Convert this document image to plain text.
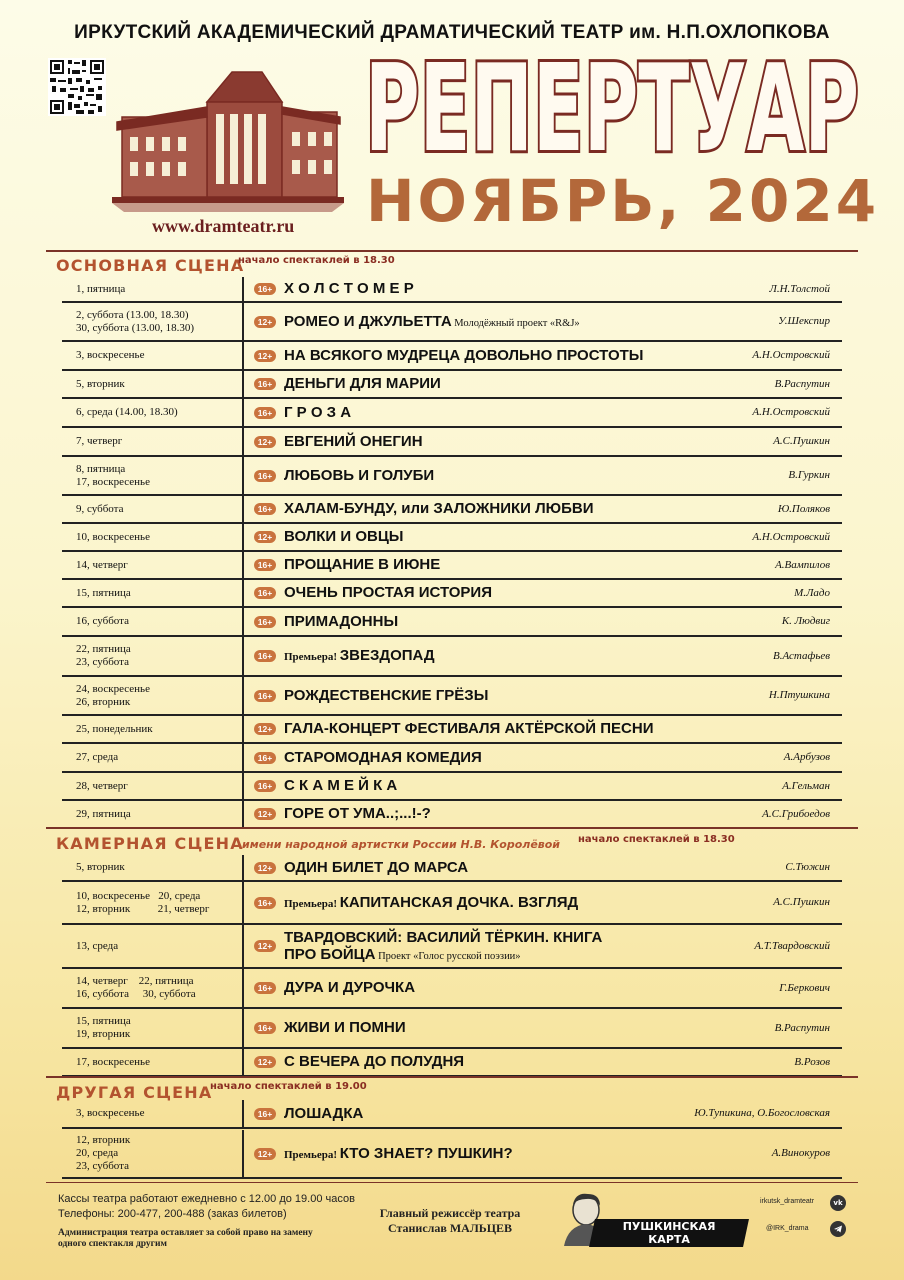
ИРКУТСКИЙ АКАДЕМИЧЕСКИЙ ДРАМАТИЧЕСКИЙ ТЕАТР им. Н.П.ОХЛОПКОВА
www.dramteatr.ru
РЕПЕРТУАР
НОЯБРЬ, 2024
ОСНОВНАЯ СЦЕНА
начало спектаклей в 18.30
1, пятница	16+ Х О Л С Т О М Е Р	Л.Н.Толстой
2, суббота (13.00, 18.30)
30, суббота (13.00, 18.30)	12+ РОМЕО И ДЖУЛЬЕТТА Молодёжный проект «R&J»	У.Шекспир
3, воскресенье	12+ НА ВСЯКОГО МУДРЕЦА ДОВОЛЬНО ПРОСТОТЫ	А.Н.Островский
5, вторник	16+ ДЕНЬГИ ДЛЯ МАРИИ	В.Распутин
6, среда (14.00, 18.30)	16+ Г Р О З А	А.Н.Островский
7, четверг	12+ ЕВГЕНИЙ ОНЕГИН	А.С.Пушкин
8, пятница
17, воскресенье	16+ ЛЮБОВЬ И ГОЛУБИ	В.Гуркин
9, суббота	16+ ХАЛАМ-БУНДУ, или ЗАЛОЖНИКИ ЛЮБВИ	Ю.Поляков
10, воскресенье	12+ ВОЛКИ И ОВЦЫ	А.Н.Островский
14, четверг	16+ ПРОЩАНИЕ В ИЮНЕ	А.Вампилов
15, пятница	16+ ОЧЕНЬ ПРОСТАЯ ИСТОРИЯ	М.Ладо
16, суббота	16+ ПРИМАДОННЫ	К. Людвиг
22, пятница
23, суббота	16+	Премьера! ЗВЕЗДОПАД	В.Астафьев
24, воскресенье
26, вторник	16+ РОЖДЕСТВЕНСКИЕ ГРЁЗЫ	Н.Птушкина
25, понедельник	12+ ГАЛА-КОНЦЕРТ ФЕСТИВАЛЯ АКТЁРСКОЙ ПЕСНИ
27, среда	16+ СТАРОМОДНАЯ КОМЕДИЯ	А.Арбузов
28, четверг	16+ С К А М Е Й К А	А.Гельман
29, пятница	12+ ГОРЕ ОТ УМА..;...!-?	А.С.Грибоедов
КАМЕРНАЯ СЦЕНА
имени народной артистки России Н.В. Королёвой начало спектаклей в 18.30
5, вторник	12+ ОДИН БИЛЕТ ДО МАРСА	С.Тюжин
10, воскресенье   20, среда
12, вторник          21, четверг	16+	Премьера! КАПИТАНСКАЯ ДОЧКА. ВЗГЛЯД	А.С.Пушкин
13, среда	12+ ТВАРДОВСКИЙ: ВАСИЛИЙ ТЁРКИН. КНИГА
ПРО БОЙЦА Проект «Голос русской поэзии»
А.Т.Твардовский
14, четверг    22, пятница
16, суббота     30, суббота	16+ ДУРА И ДУРОЧКА	Г.Беркович
15, пятница
19, вторник	16+ ЖИВИ И ПОМНИ	В.Распутин
17, воскресенье	12+ С ВЕЧЕРА ДО ПОЛУДНЯ	В.Розов
ДРУГАЯ СЦЕНА
начало спектаклей в 19.00
3, воскресенье	16+ ЛОШАДКА	Ю.Тупикина, О.Богословская
12, вторник
20, среда
23, суббота
12+	Премьера! КТО ЗНАЕТ? ПУШКИН?	А.Винокуров
Кассы театра работают ежедневно с 12.00 до 19.00 часов
Телефоны: 200-477, 200-488 (заказ билетов)
Администрация театра оставляет за собой право на замену
одного спектакля другим
Главный режиссёр театра
Станислав МАЛЬЦЕВ	ПУШКИНСКАЯ
КАРТА
irkutsk_dramteatr	vk
@IRK_drama
